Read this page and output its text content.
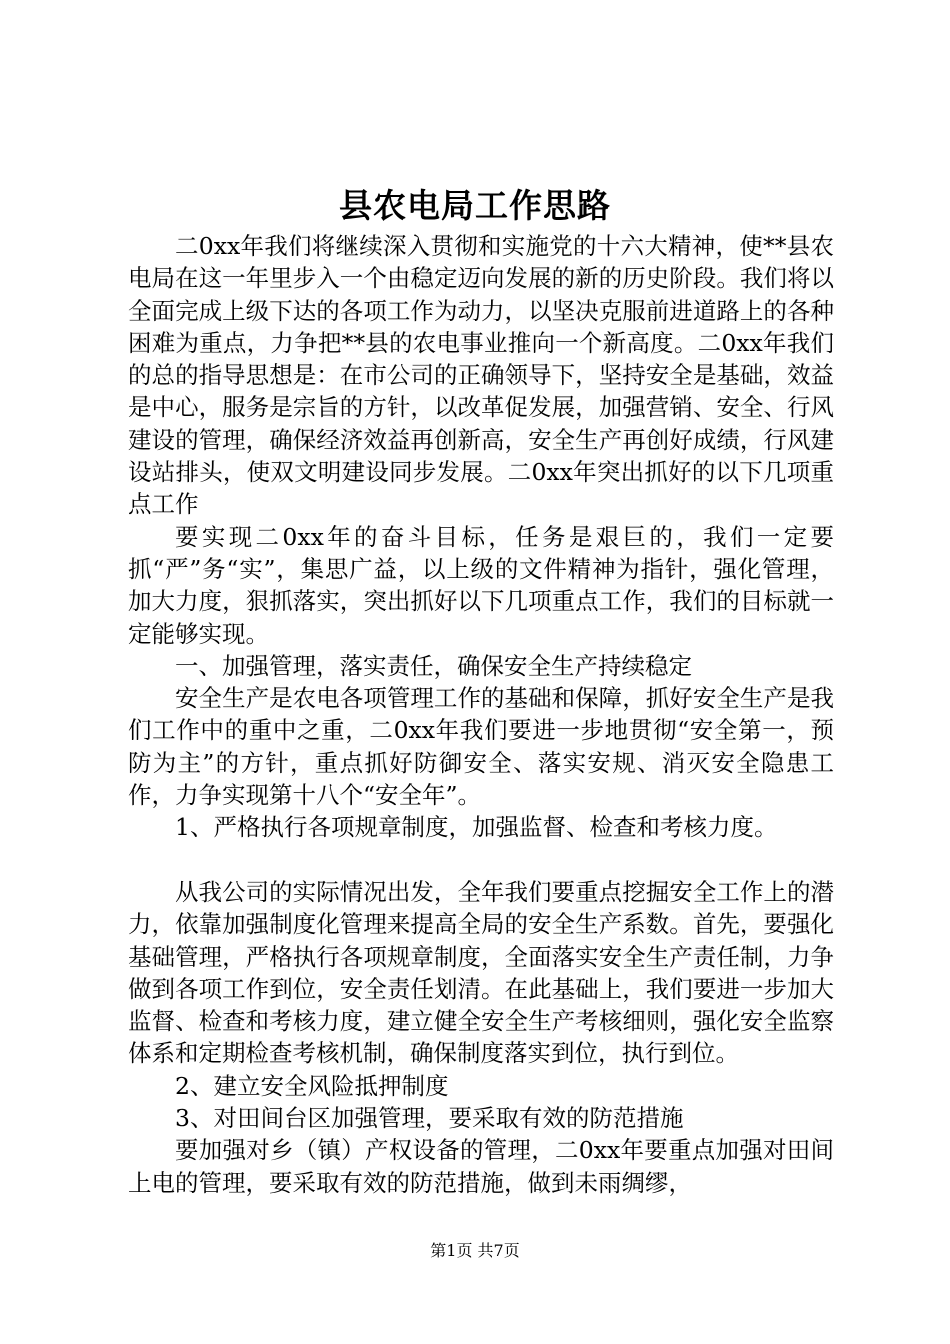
县农电局工作思路

二0xx年我们将继续深入贯彻和实施党的十六大精神，使**县农电局在这一年里步入一个由稳定迈向发展的新的历史阶段。我们将以全面完成上级下达的各项工作为动力，以坚决克服前进道路上的各种困难为重点，力争把**县的农电事业推向一个新高度。二0xx年我们的总的指导思想是：在市公司的正确领导下，坚持安全是基础，效益是中心，服务是宗旨的方针，以改革促发展，加强营销、安全、行风建设的管理，确保经济效益再创新高，安全生产再创好成绩，行风建设站排头，使双文明建设同步发展。二0xx年突出抓好的以下几项重点工作

要实现二0xx年的奋斗目标，任务是艰巨的，我们一定要抓“严”务“实”，集思广益，以上级的文件精神为指针，强化管理，加大力度，狠抓落实，突出抓好以下几项重点工作，我们的目标就一定能够实现。

一、加强管理，落实责任，确保安全生产持续稳定

安全生产是农电各项管理工作的基础和保障，抓好安全生产是我们工作中的重中之重，二0xx年我们要进一步地贯彻“安全第一，预防为主”的方针，重点抓好防御安全、落实安规、消灭安全隐患工作，力争实现第十八个“安全年”。

1、严格执行各项规章制度，加强监督、检查和考核力度。

从我公司的实际情况出发，全年我们要重点挖掘安全工作上的潜力，依靠加强制度化管理来提高全局的安全生产系数。首先，要强化基础管理，严格执行各项规章制度，全面落实安全生产责任制，力争做到各项工作到位，安全责任划清。在此基础上，我们要进一步加大监督、检查和考核力度，建立健全安全生产考核细则，强化安全监察体系和定期检查考核机制，确保制度落实到位，执行到位。

2、建立安全风险抵押制度

3、对田间台区加强管理，要采取有效的防范措施

要加强对乡（镇）产权设备的管理，二0xx年要重点加强对田间上电的管理，要采取有效的防范措施，做到未雨绸缪，

第1页 共7页
